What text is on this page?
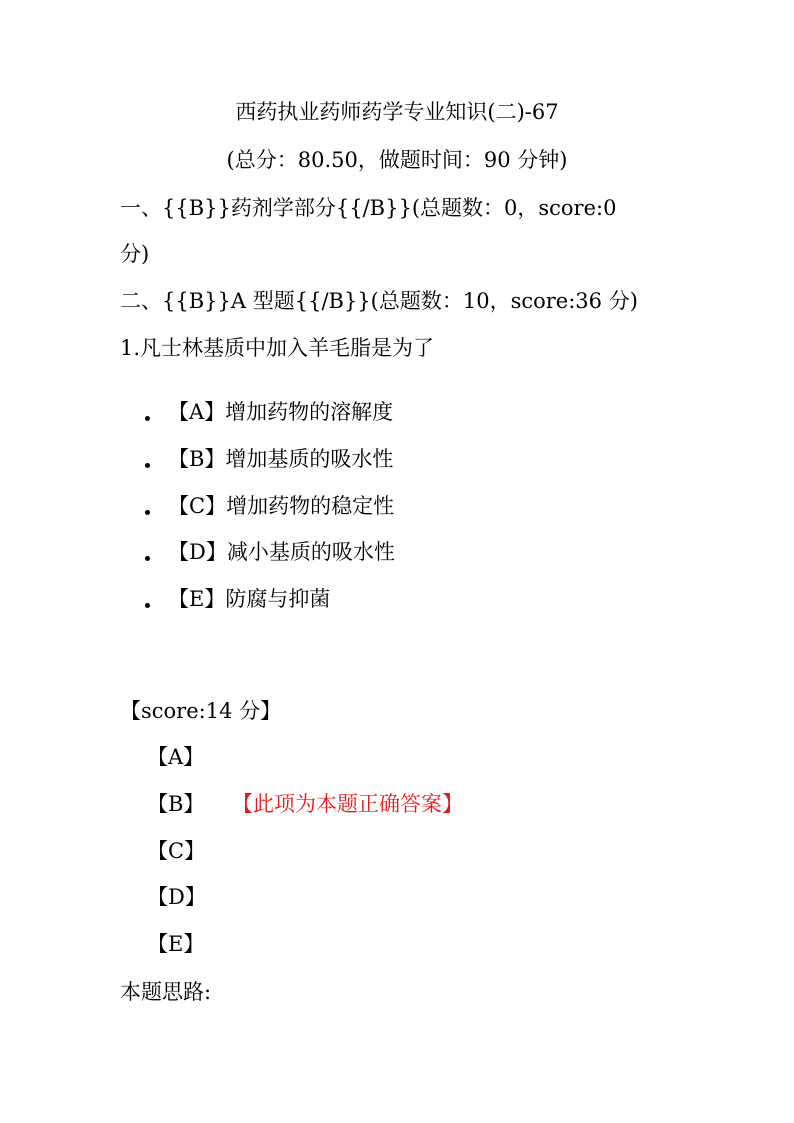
西药执业药师药学专业知识(二)-67
(总分：80.50，做题时间：90 分钟)
一、{{B}}药剂学部分{{/B}}(总题数：0，score:0
分)
二、{{B}}A 型题{{/B}}(总题数：10，score:36 分)
1.凡士林基质中加入羊毛脂是为了
【A】增加药物的溶解度
【B】增加基质的吸水性
【C】增加药物的稳定性
【D】减小基质的吸水性
【E】防腐与抑菌
【score:14 分】
【A】
【B】 【此项为本题正确答案】
【C】
【D】
【E】
本题思路:
